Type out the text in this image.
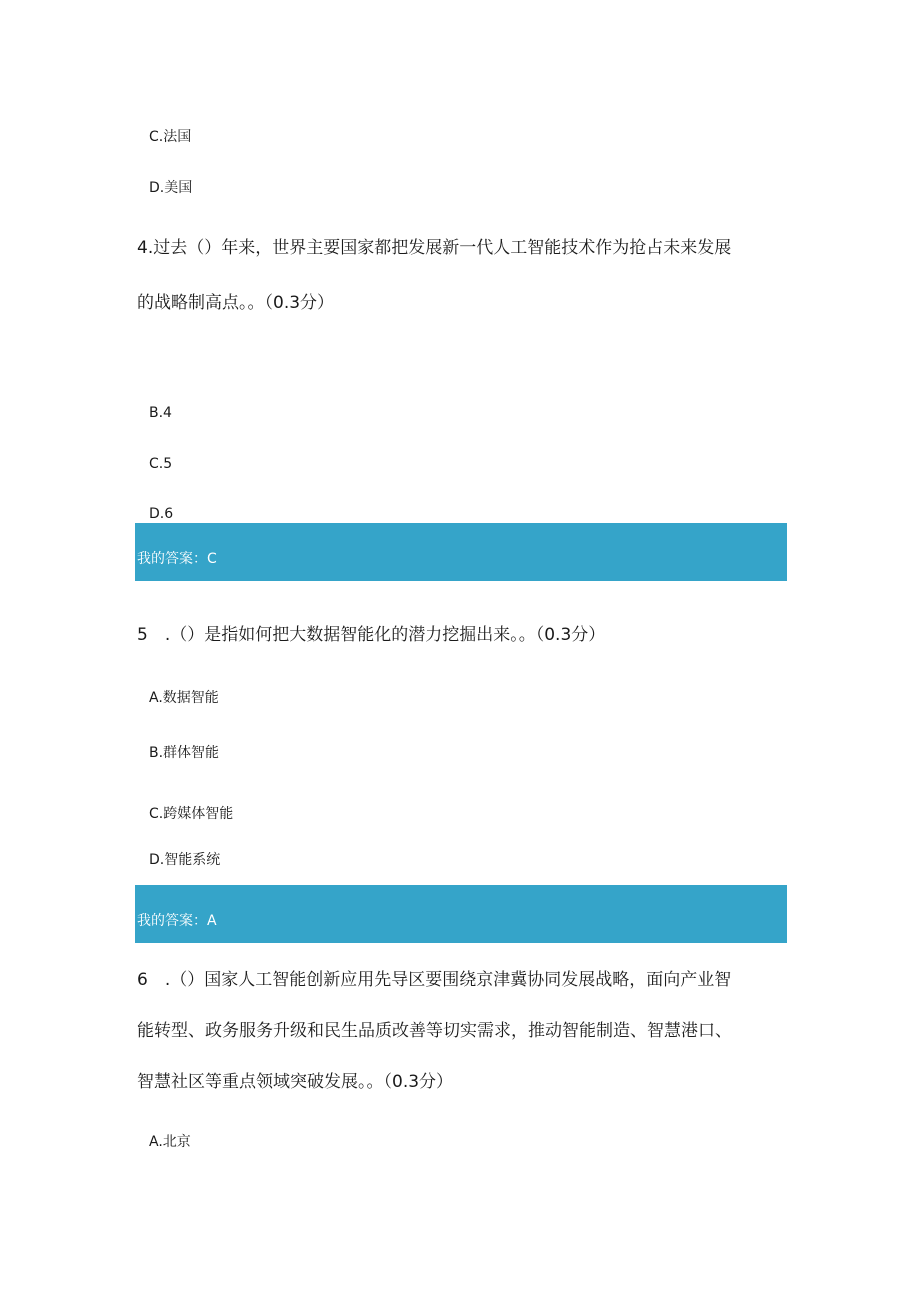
C.法国
D.美国
4.过去（）年来，世界主要国家都把发展新一代人工智能技术作为抢占未来发展
的战略制高点。。（0.3分）
B.4
C.5
D.6
我的答案：C
5　.（）是指如何把大数据智能化的潜力挖掘出来。。（0.3分）
A.数据智能
B.群体智能
C.跨媒体智能
D.智能系统
我的答案：A
6　.（）国家人工智能创新应用先导区要围绕京津冀协同发展战略，面向产业智
能转型、政务服务升级和民生品质改善等切实需求，推动智能制造、智慧港口、
智慧社区等重点领域突破发展。。（0.3分）
A.北京
